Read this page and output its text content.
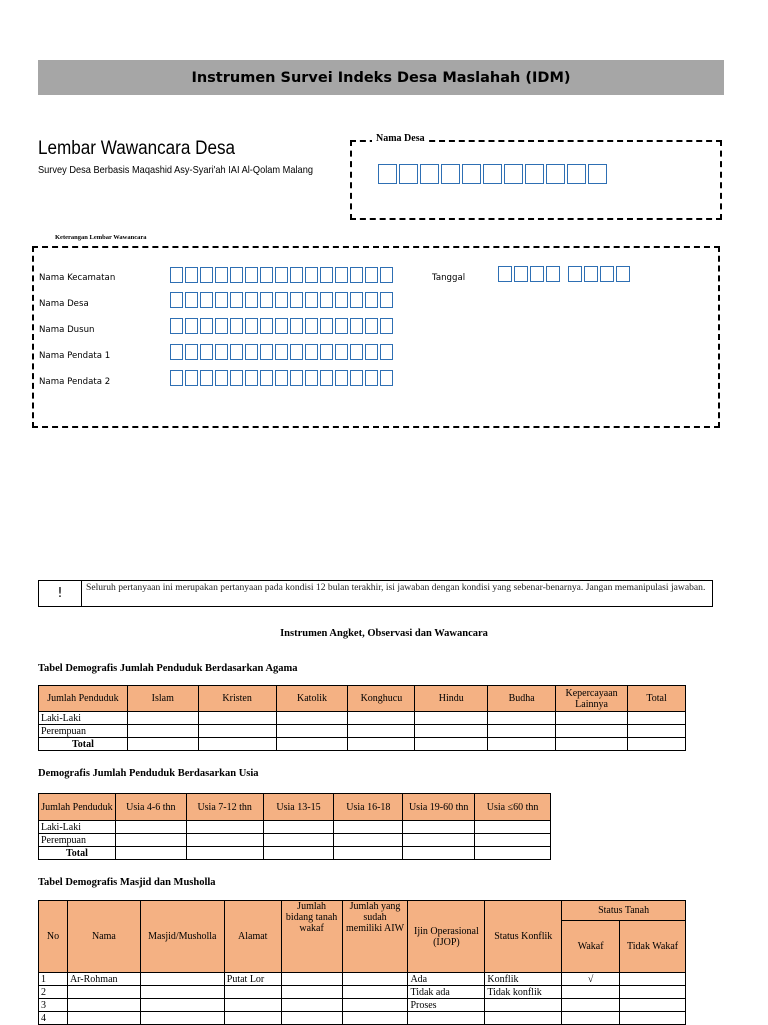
Instrumen Survei Indeks Desa Maslahah (IDM)
Lembar Wawancara Desa
Survey Desa Berbasis Maqashid Asy-Syari'ah IAI Al-Qolam Malang
Nama Desa
Keterangan Lembar Wawancara
Nama Kecamatan
Nama Desa
Nama Dusun
Nama Pendata 1
Nama Pendata 2
Tanggal
!	Seluruh pertanyaan ini merupakan pertanyaan pada kondisi 12 bulan terakhir, isi jawaban dengan kondisi yang sebenar-benarnya. Jangan memanipulasi jawaban.
Instrumen Angket, Observasi dan Wawancara
Tabel Demografis Jumlah Penduduk Berdasarkan Agama
Jumlah Penduduk	Islam	Kristen	Katolik	Konghucu	Hindu	Budha	Kepercayaan Lainnya	Total
Laki-Laki								
Perempuan								
Total								
Demografis Jumlah Penduduk Berdasarkan Usia
Jumlah Penduduk	Usia 4-6 thn	Usia 7-12 thn	Usia 13-15	Usia 16-18	Usia 19-60 thn	Usia ≤60 thn
Laki-Laki						
Perempuan						
Total						
Tabel Demografis Masjid dan Musholla
No	Nama	Masjid/Musholla	Alamat	Jumlah bidang tanah wakaf	Jumlah yang sudah memiliki AIW	Ijin Operasional (IJOP)	Status Konflik	Status Tanah	
								Wakaf	Tidak Wakaf
1	Ar-Rohman		Putat Lor			Ada	Konflik	√	
2						Tidak ada	Tidak konflik		
3						Proses			
4									
